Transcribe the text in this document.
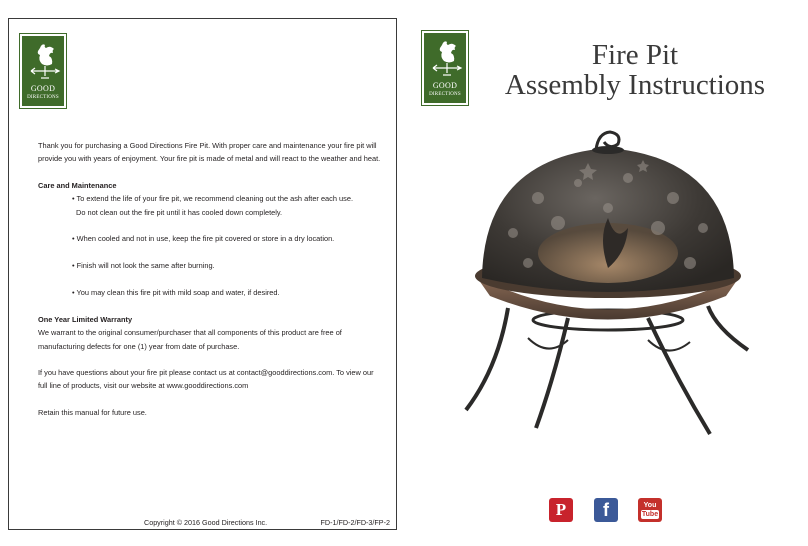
GOOD
DIRECTIONS

Thank you for purchasing a Good Directions Fire Pit. With proper care and maintenance your fire pit will provide you with years of enjoyment. Your fire pit is made of metal and will react to the weather and heat.

Care and Maintenance

• To extend the life of your fire pit, we recommend cleaning out the ash after each use.
Do not clean out the fire pit until it has cooled down completely.

• When cooled and not in use, keep the fire pit covered or store in a dry location.

• Finish will not look the same after burning.

• You may clean this fire pit with mild soap and water, if desired.

One Year Limited Warranty

We warrant to the original consumer/purchaser that all components of this product are free of manufacturing defects for one (1) year from date of purchase.

If you have questions about your fire pit please contact us at contact@gooddirections.com. To view our full line of products, visit our website at www.gooddirections.com

Retain this manual for future use.

Copyright © 2016 Good Directions Inc.	FD-1/FD-2/FD-3/FP-2
GOOD
DIRECTIONS
Fire Pit
Assembly Instructions
P	f	You
Tube
